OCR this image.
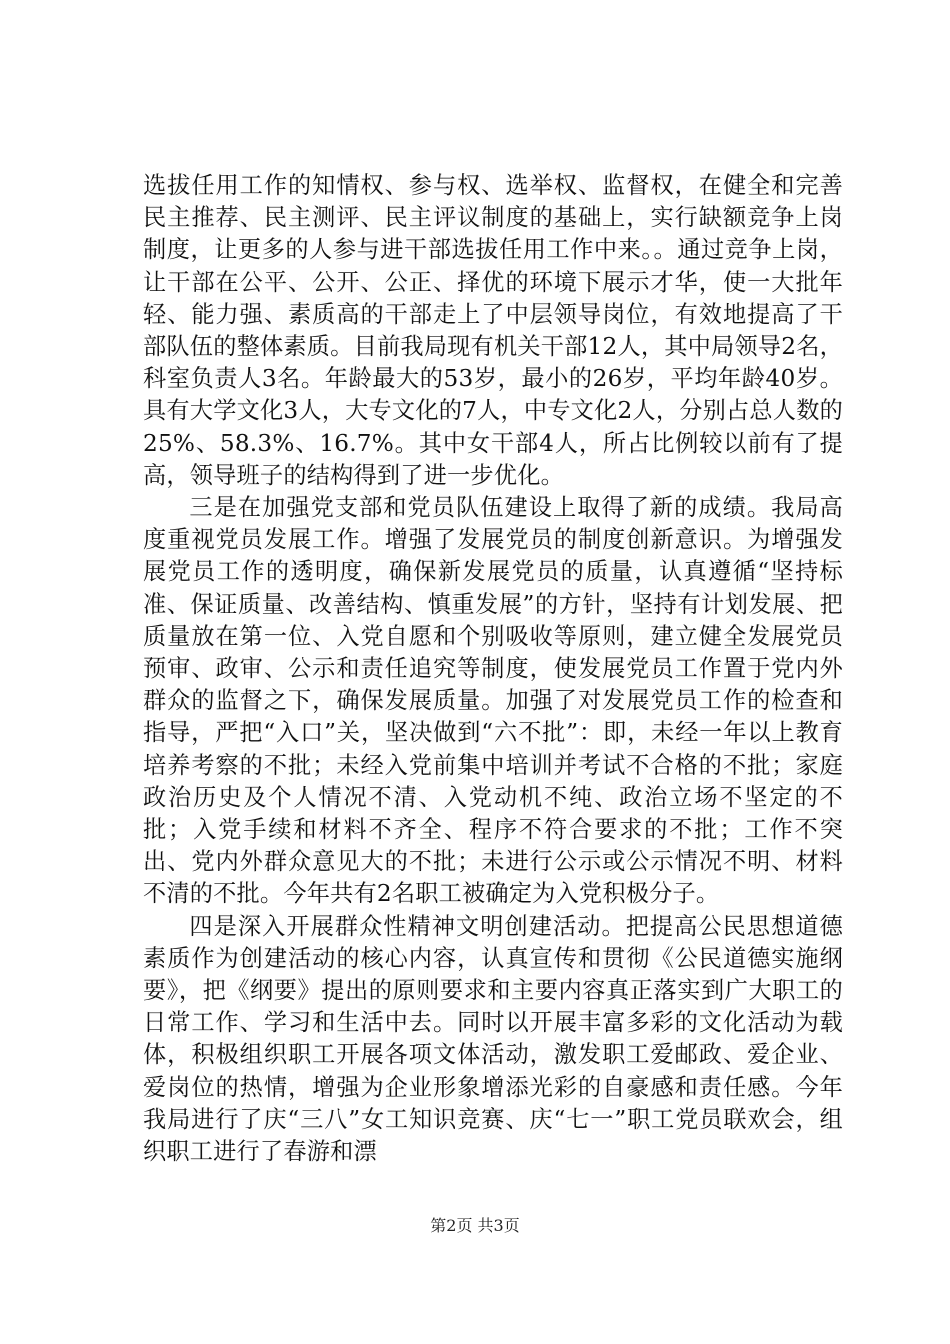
选拔任用工作的知情权、参与权、选举权、监督权，在健全和完善民主推荐、民主测评、民主评议制度的基础上，实行缺额竞争上岗制度，让更多的人参与进干部选拔任用工作中来。。通过竞争上岗，让干部在公平、公开、公正、择优的环境下展示才华，使一大批年轻、能力强、素质高的干部走上了中层领导岗位，有效地提高了干部队伍的整体素质。目前我局现有机关干部12人，其中局领导2名，科室负责人3名。年龄最大的53岁，最小的26岁，平均年龄40岁。具有大学文化3人，大专文化的7人，中专文化2人，分别占总人数的25%、58.3%、16.7%。其中女干部4人，所占比例较以前有了提高，领导班子的结构得到了进一步优化。

三是在加强党支部和党员队伍建设上取得了新的成绩。我局高度重视党员发展工作。增强了发展党员的制度创新意识。为增强发展党员工作的透明度，确保新发展党员的质量，认真遵循“坚持标准、保证质量、改善结构、慎重发展”的方针，坚持有计划发展、把质量放在第一位、入党自愿和个别吸收等原则，建立健全发展党员预审、政审、公示和责任追究等制度，使发展党员工作置于党内外群众的监督之下，确保发展质量。加强了对发展党员工作的检查和指导，严把“入口”关，坚决做到“六不批”：即，未经一年以上教育培养考察的不批；未经入党前集中培训并考试不合格的不批；家庭政治历史及个人情况不清、入党动机不纯、政治立场不坚定的不批；入党手续和材料不齐全、程序不符合要求的不批；工作不突出、党内外群众意见大的不批；未进行公示或公示情况不明、材料不清的不批。今年共有2名职工被确定为入党积极分子。

四是深入开展群众性精神文明创建活动。把提高公民思想道德素质作为创建活动的核心内容，认真宣传和贯彻《公民道德实施纲要》，把《纲要》提出的原则要求和主要内容真正落实到广大职工的日常工作、学习和生活中去。同时以开展丰富多彩的文化活动为载体，积极组织职工开展各项文体活动，激发职工爱邮政、爱企业、爱岗位的热情，增强为企业形象增添光彩的自豪感和责任感。今年我局进行了庆“三八”女工知识竞赛、庆“七一”职工党员联欢会，组织职工进行了春游和漂

第2页 共3页
